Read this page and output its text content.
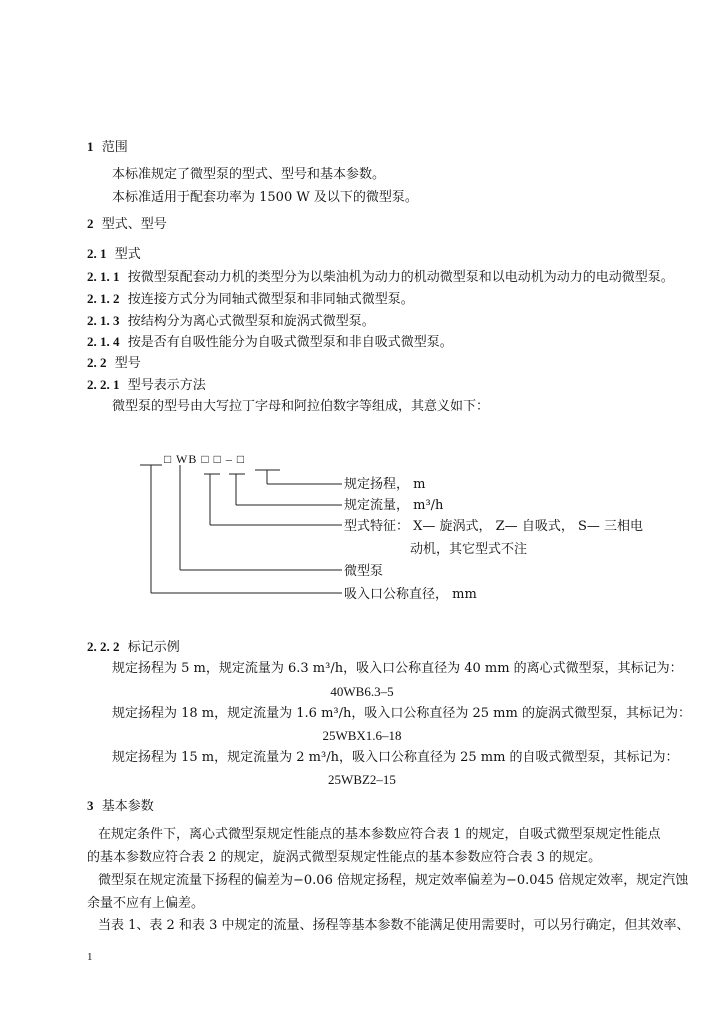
1 范围
本标准规定了微型泵的型式、型号和基本参数。
本标准适用于配套功率为 1500 W 及以下的微型泵。
2 型式、型号
2. 1 型式
2. 1. 1 按微型泵配套动力机的类型分为以柴油机为动力的机动微型泵和以电动机为动力的电动微型泵。
2. 1. 2 按连接方式分为同轴式微型泵和非同轴式微型泵。
2. 1. 3 按结构分为离心式微型泵和旋涡式微型泵。
2. 1. 4 按是否有自吸性能分为自吸式微型泵和非自吸式微型泵。
2. 2 型号
2. 2. 1 型号表示方法
微型泵的型号由大写拉丁字母和阿拉伯数字等组成，其意义如下：
□ WB □ □ – □
规定扬程， m
规定流量， m³/h
型式特征： X— 旋涡式， Z— 自吸式， S— 三相电
动机，其它型式不注
微型泵
吸入口公称直径， mm
2. 2. 2 标记示例
规定扬程为 5 m，规定流量为 6.3 m³/h，吸入口公称直径为 40 mm 的离心式微型泵，其标记为：
40WB6.3–5
规定扬程为 18 m，规定流量为 1.6 m³/h，吸入口公称直径为 25 mm 的旋涡式微型泵，其标记为：
25WBX1.6–18
规定扬程为 15 m，规定流量为 2 m³/h，吸入口公称直径为 25 mm 的自吸式微型泵，其标记为：
25WBZ2–15
3 基本参数
在规定条件下，离心式微型泵规定性能点的基本参数应符合表 1 的规定，自吸式微型泵规定性能点
的基本参数应符合表 2 的规定，旋涡式微型泵规定性能点的基本参数应符合表 3 的规定。
微型泵在规定流量下扬程的偏差为−0.06 倍规定扬程，规定效率偏差为−0.045 倍规定效率，规定汽蚀
余量不应有上偏差。
当表 1、表 2 和表 3 中规定的流量、扬程等基本参数不能满足使用需要时，可以另行确定，但其效率、
1
